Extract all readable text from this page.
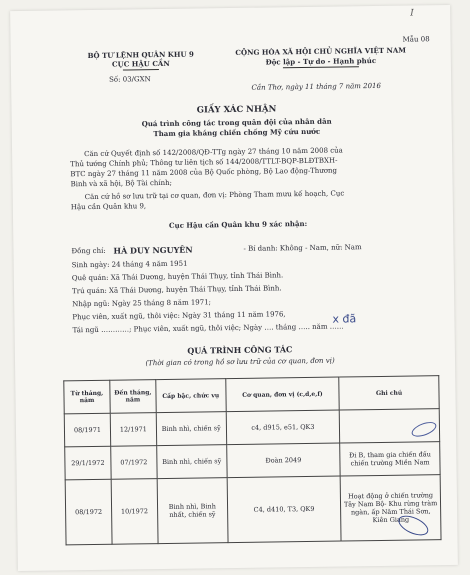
I
Mẫu 08
BỘ TƯ LỆNH QUÂN KHU 9
CỤC HẬU CẦN
Số: 03/GXN
CỘNG HÒA XÃ HỘI CHỦ NGHĨA VIỆT NAM
Độc lập - Tự do - Hạnh phúc
Cần Thơ, ngày 11 tháng 7 năm 2016
GIẤY XÁC NHẬN
Quá trình công tác trong quân đội của nhân dân
Tham gia kháng chiến chống Mỹ cứu nước
Căn cứ Quyết định số 142/2008/QĐ-TTg ngày 27 tháng 10 năm 2008 của
Thủ tướng Chính phủ; Thông tư liên tịch số 144/2008/TTLT-BQP-BLĐTBXH-
BTC ngày 27 tháng 11 năm 2008 của Bộ Quốc phòng, Bộ Lao động-Thương
Binh và xã hội, Bộ Tài chính;
Căn cứ hồ sơ lưu trữ tại cơ quan, đơn vị: Phòng Tham mưu kế hoạch, Cục
Hậu cần Quân khu 9,
Cục Hậu cần Quân khu 9 xác nhận:
Đồng chí: HÀ DUY NGUYÊN	- Bí danh: Không - Nam, nữ: Nam
Sinh ngày: 24 tháng 4 năm 1951
Quê quán: Xã Thái Dương, huyện Thái Thụy, tỉnh Thái Bình.
Trú quán: Xã Thái Dương, huyện Thái Thụy, tỉnh Thái Bình.
Nhập ngũ: Ngày 25 tháng 8 năm 1971;
Phục viên, xuất ngũ, thôi việc: Ngày 31 tháng 11 năm 1976,
Tái ngũ …………; Phục viên, xuất ngũ, thôi việc; Ngày …. tháng ….. năm ……
x đã
QUÁ TRÌNH CÔNG TÁC
(Thời gian có trong hồ sơ lưu trữ của cơ quan, đơn vị)
Từ tháng, năm	Đến tháng, năm	Cấp bậc, chức vụ	Cơ quan, đơn vị (c,d,e,f)	Ghi chú
08/1971	12/1971	Binh nhì, chiến sỹ	c4, d915, e51, QK3	
29/1/1972	07/1972	Binh nhì, chiến sỹ	Đoàn 2049	Đi B, tham gia chiến đấu chiến trường Miền Nam
08/1972	10/1972	Binh nhì, Binh nhất, chiến sỹ	C4, d410, T3, QK9	Hoạt động ở chiến trường Tây Nam Bộ- Khu rừng tràm ngàn, ấp Năm Thái Sơn, Kiên Giang
